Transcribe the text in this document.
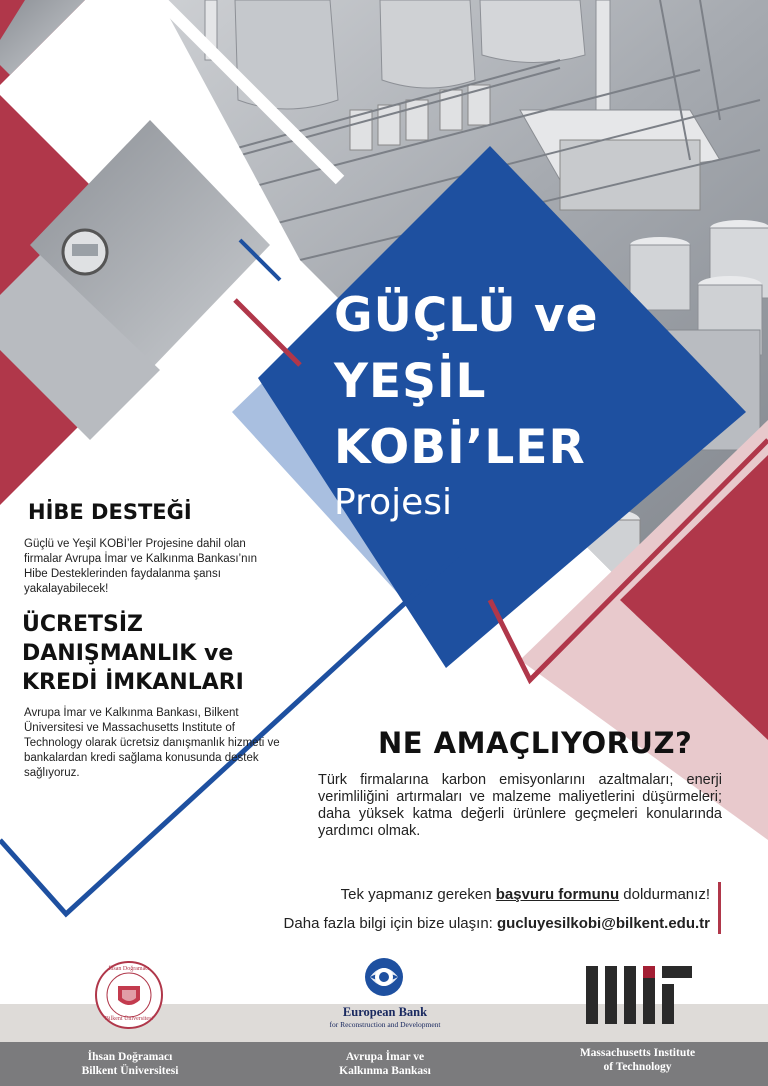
GÜÇLÜ ve
YEŞİL
KOBİ’LER
Projesi
HİBE DESTEĞİ
Güçlü ve Yeşil KOBİ’ler Projesine dahil olan firmalar Avrupa İmar ve Kalkınma Bankası’nın Hibe Desteklerinden faydalanma şansı yakalayabilecek!
ÜCRETSİZ
DANIŞMANLIK ve
KREDİ İMKANLARI
Avrupa İmar ve Kalkınma Bankası, Bilkent Üniversitesi ve Massachusetts Institute of Technology olarak ücretsiz danışmanlık hizmeti ve bankalardan kredi sağlama konusunda destek sağlıyoruz.
NE AMAÇLIYORUZ?
Türk firmalarına karbon emisyonlarını azaltmaları; enerji verimliliğini artırmaları ve malzeme maliyetlerini düşürmeleri; daha yüksek katma değerli ürünlere geçmeleri konularında yardımcı olmak.
Tek yapmanız gereken başvuru formunu doldurmanız!
Daha fazla bilgi için bize ulaşın: gucluyesilkobi@bilkent.edu.tr
İhsan Doğramacı
Bilkent Üniversitesi
1984	European Bank
for Reconstruction and Development
İhsan Doğramacı
Bilkent Üniversitesi
Avrupa İmar ve
Kalkınma Bankası
Massachusetts Institute
of Technology
